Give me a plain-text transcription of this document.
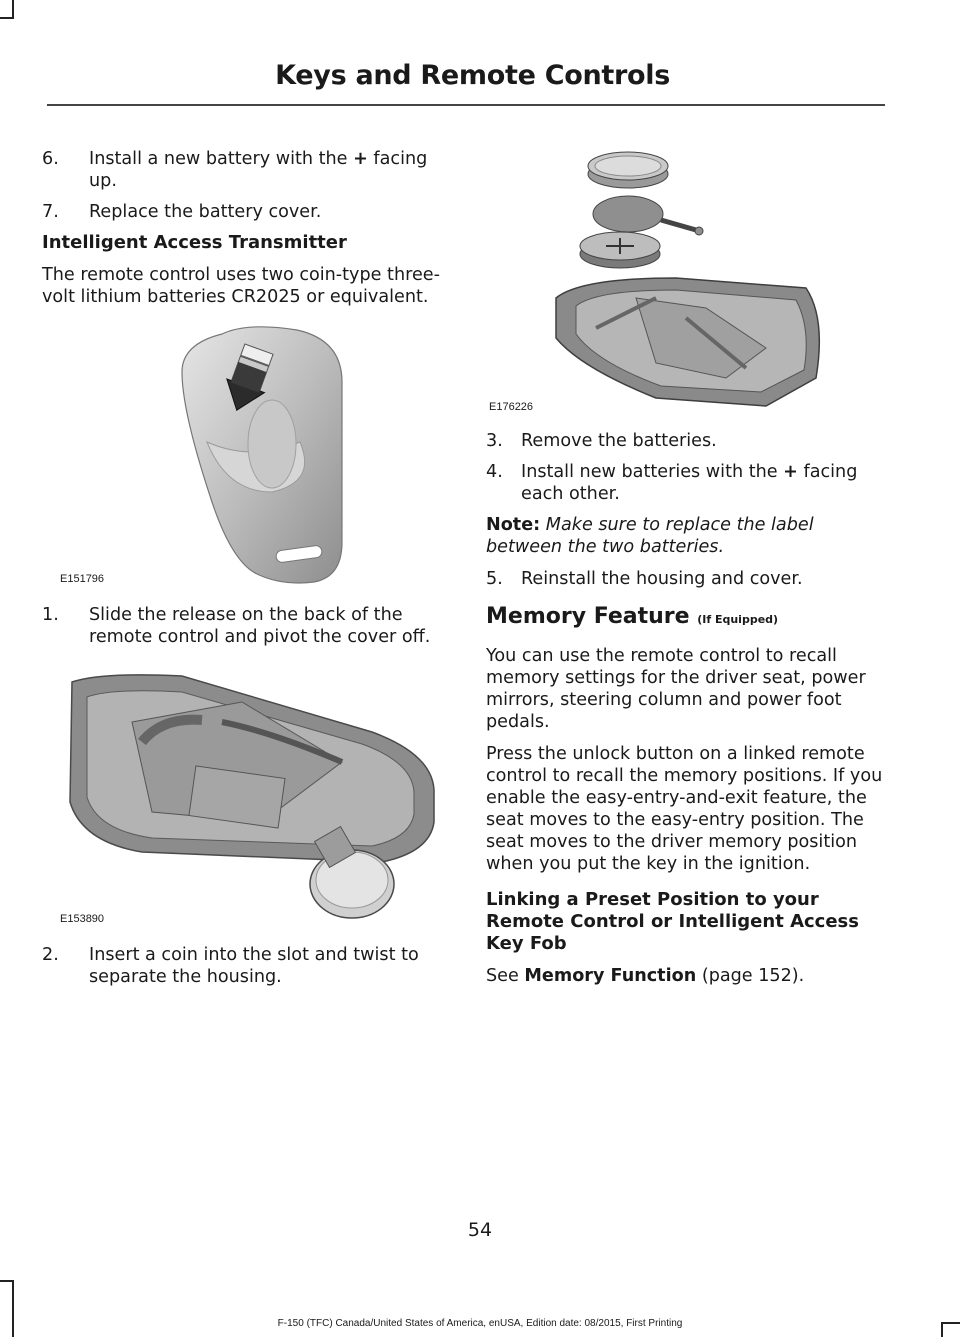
Keys and Remote Controls
6.	Install a new battery with the + facing up.
7.	Replace the battery cover.
Intelligent Access Transmitter
The remote control uses two coin-type three-volt lithium batteries CR2025 or equivalent.
E151796
1.	Slide the release on the back of the remote control and pivot the cover off.
E153890
2.	Insert a coin into the slot and twist to separate the housing.
E176226
3.	Remove the batteries.
4.	Install new batteries with the + facing each other.
Note: Make sure to replace the label between the two batteries.
5.	Reinstall the housing and cover.
Memory Feature (If Equipped)
You can use the remote control to recall memory settings for the driver seat, power mirrors, steering column and power foot pedals.
Press the unlock button on a linked remote control to recall the memory positions. If you enable the easy-entry-and-exit feature, the seat moves to the easy-entry position. The seat moves to the driver memory position when you put the key in the ignition.
Linking a Preset Position to your Remote Control or Intelligent Access Key Fob
See Memory Function (page 152).
54
F-150 (TFC) Canada/United States of America, enUSA, Edition date: 08/2015, First Printing
